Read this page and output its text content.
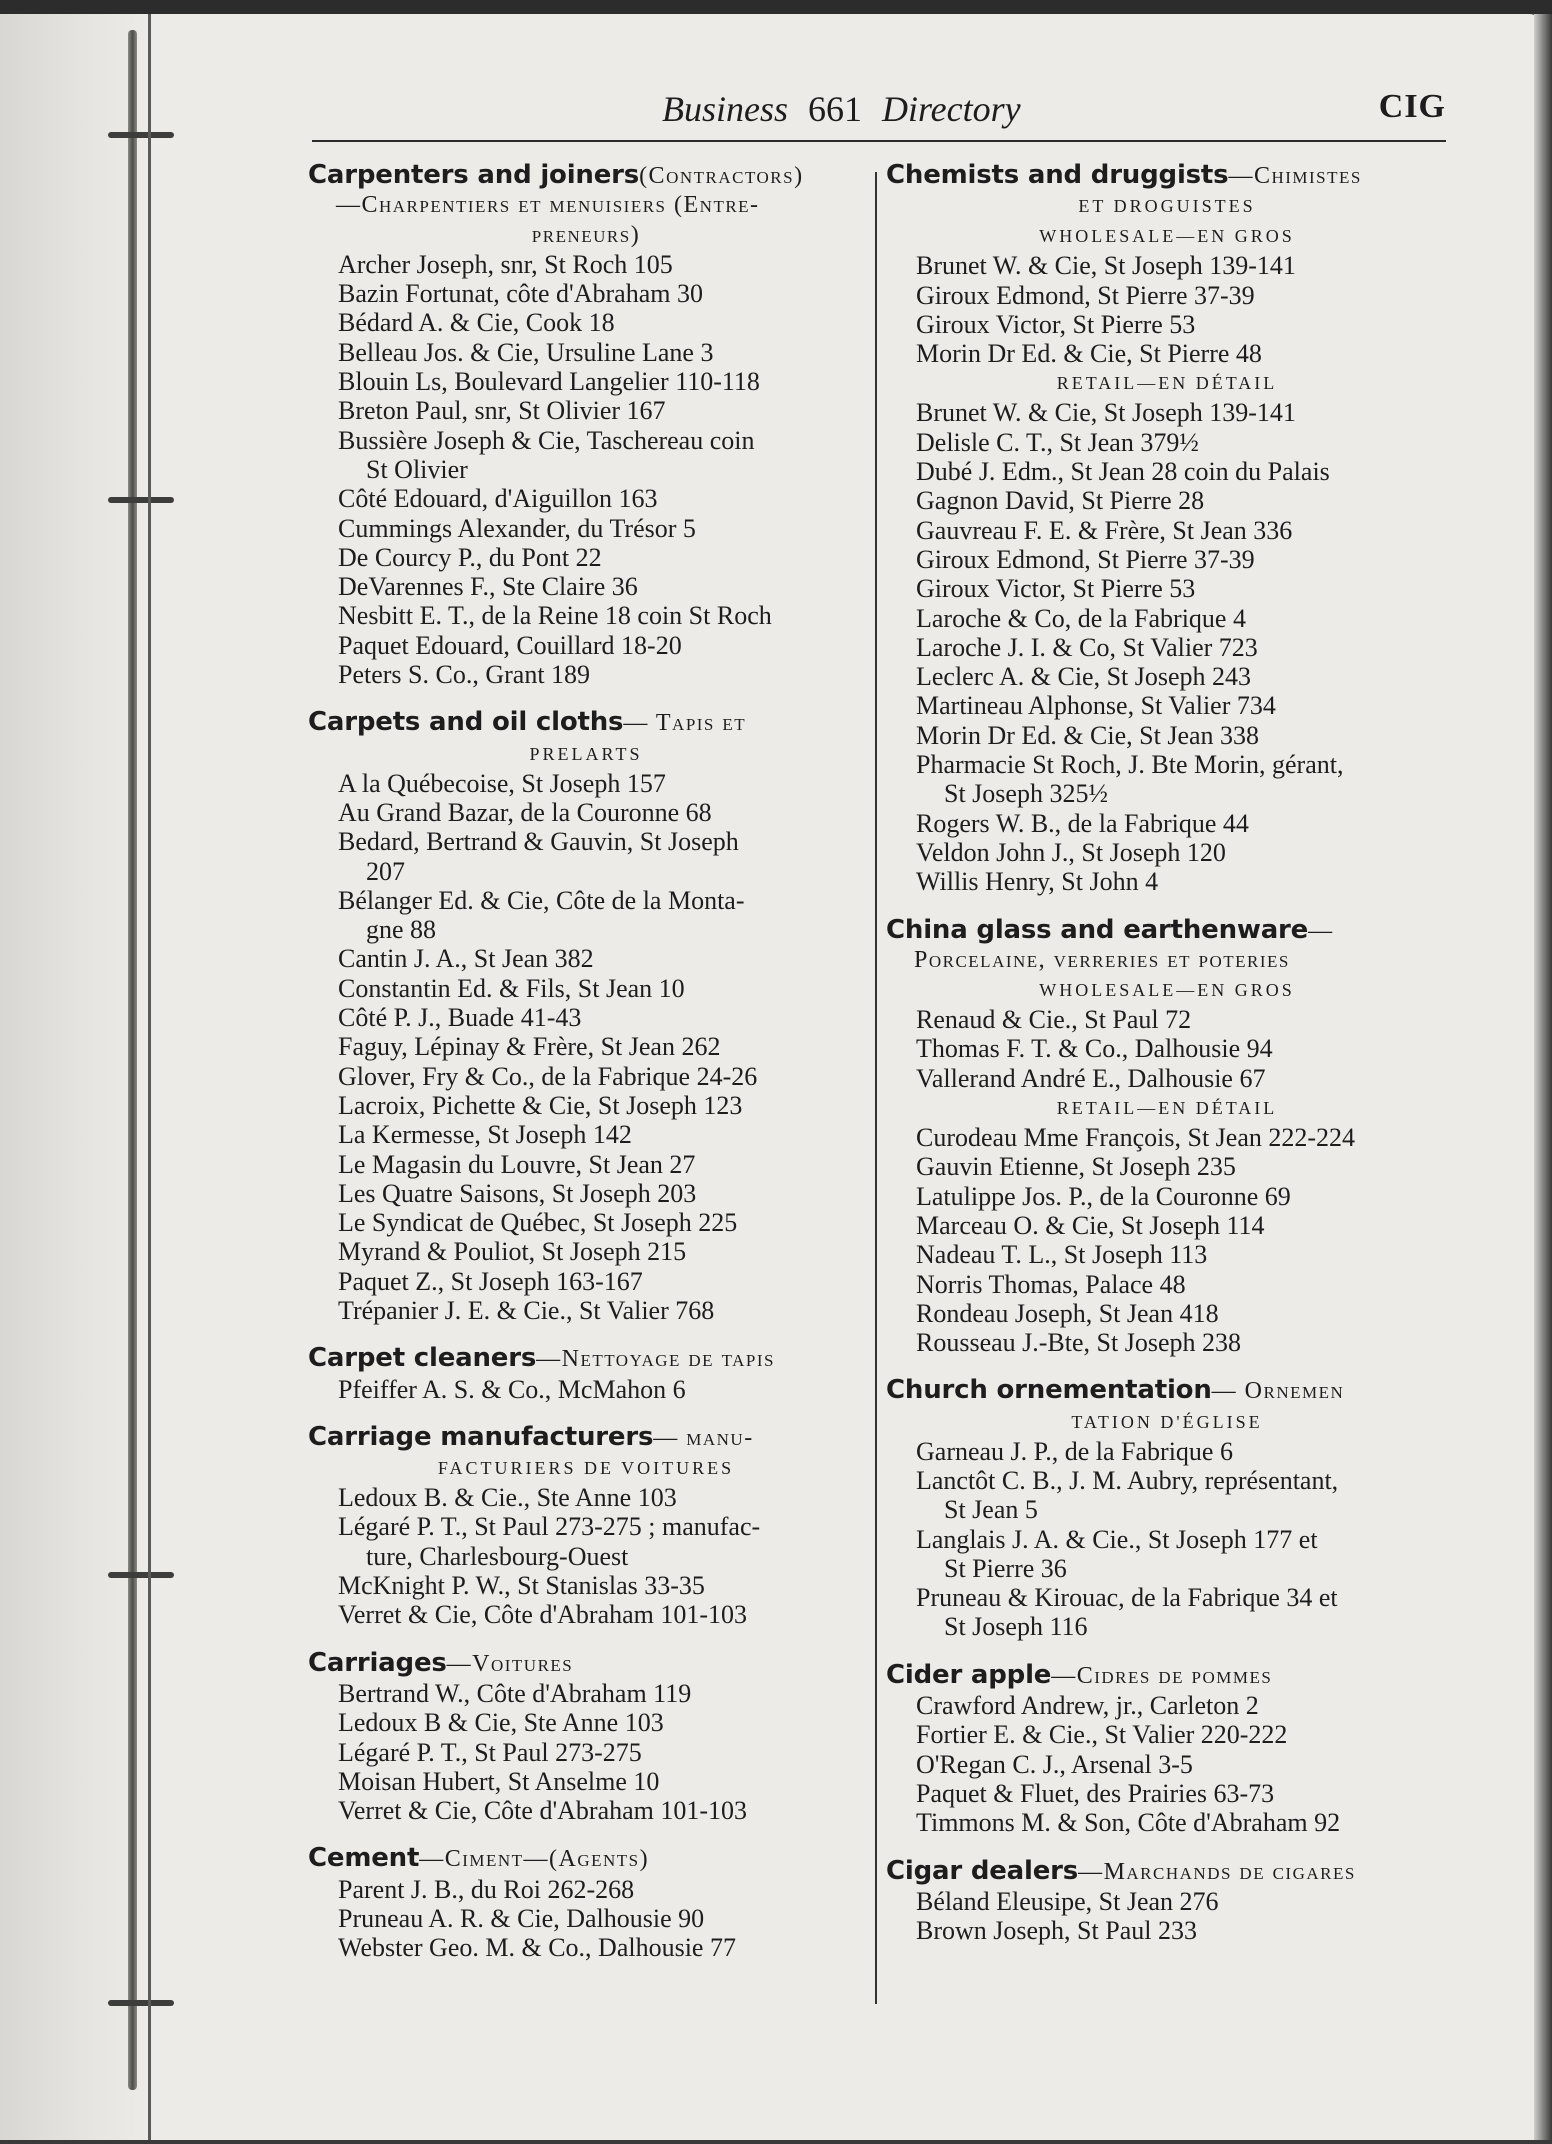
Business 661 Directory	CIG
Carpenters and joiners(Contractors)
—Charpentiers et menuisiers (Entre-
preneurs)
Archer Joseph, snr, St Roch 105
Bazin Fortunat, côte d'Abraham 30
Bédard A. & Cie, Cook 18
Belleau Jos. & Cie, Ursuline Lane 3
Blouin Ls, Boulevard Langelier 110-118
Breton Paul, snr, St Olivier 167
Bussière Joseph & Cie, Taschereau coin
St Olivier
Côté Edouard, d'Aiguillon 163
Cummings Alexander, du Trésor 5
De Courcy P., du Pont 22
DeVarennes F., Ste Claire 36
Nesbitt E. T., de la Reine 18 coin St Roch
Paquet Edouard, Couillard 18-20
Peters S. Co., Grant 189
Carpets and oil cloths— Tapis et
PRELARTS
A la Québecoise, St Joseph 157
Au Grand Bazar, de la Couronne 68
Bedard, Bertrand & Gauvin, St Joseph
207
Bélanger Ed. & Cie, Côte de la Monta-
gne 88
Cantin J. A., St Jean 382
Constantin Ed. & Fils, St Jean 10
Côté P. J., Buade 41-43
Faguy, Lépinay & Frère, St Jean 262
Glover, Fry & Co., de la Fabrique 24-26
Lacroix, Pichette & Cie, St Joseph 123
La Kermesse, St Joseph 142
Le Magasin du Louvre, St Jean 27
Les Quatre Saisons, St Joseph 203
Le Syndicat de Québec, St Joseph 225
Myrand & Pouliot, St Joseph 215
Paquet Z., St Joseph 163-167
Trépanier J. E. & Cie., St Valier 768
Carpet cleaners—Nettoyage de tapis
Pfeiffer A. S. & Co., McMahon 6
Carriage manufacturers— manu-
FACTURIERS DE VOITURES
Ledoux B. & Cie., Ste Anne 103
Légaré P. T., St Paul 273-275 ; manufac-
ture, Charlesbourg-Ouest
McKnight P. W., St Stanislas 33-35
Verret & Cie, Côte d'Abraham 101-103
Carriages—Voitures
Bertrand W., Côte d'Abraham 119
Ledoux B & Cie, Ste Anne 103
Légaré P. T., St Paul 273-275
Moisan Hubert, St Anselme 10
Verret & Cie, Côte d'Abraham 101-103
Cement—Ciment—(Agents)
Parent J. B., du Roi 262-268
Pruneau A. R. & Cie, Dalhousie 90
Webster Geo. M. & Co., Dalhousie 77
Chemists and druggists—Chimistes
ET DROGUISTES
WHOLESALE—EN GROS
Brunet W. & Cie, St Joseph 139-141
Giroux Edmond, St Pierre 37-39
Giroux Victor, St Pierre 53
Morin Dr Ed. & Cie, St Pierre 48
RETAIL—EN DÉTAIL
Brunet W. & Cie, St Joseph 139-141
Delisle C. T., St Jean 379½
Dubé J. Edm., St Jean 28 coin du Palais
Gagnon David, St Pierre 28
Gauvreau F. E. & Frère, St Jean 336
Giroux Edmond, St Pierre 37-39
Giroux Victor, St Pierre 53
Laroche & Co, de la Fabrique 4
Laroche J. I. & Co, St Valier 723
Leclerc A. & Cie, St Joseph 243
Martineau Alphonse, St Valier 734
Morin Dr Ed. & Cie, St Jean 338
Pharmacie St Roch, J. Bte Morin, gérant,
St Joseph 325½
Rogers W. B., de la Fabrique 44
Veldon John J., St Joseph 120
Willis Henry, St John 4
China glass and earthenware—
Porcelaine, verreries et poteries
WHOLESALE—EN GROS
Renaud & Cie., St Paul 72
Thomas F. T. & Co., Dalhousie 94
Vallerand André E., Dalhousie 67
RETAIL—EN DÉTAIL
Curodeau Mme François, St Jean 222-224
Gauvin Etienne, St Joseph 235
Latulippe Jos. P., de la Couronne 69
Marceau O. & Cie, St Joseph 114
Nadeau T. L., St Joseph 113
Norris Thomas, Palace 48
Rondeau Joseph, St Jean 418
Rousseau J.-Bte, St Joseph 238
Church ornementation— Ornemen
TATION D'ÉGLISE
Garneau J. P., de la Fabrique 6
Lanctôt C. B., J. M. Aubry, représentant,
St Jean 5
Langlais J. A. & Cie., St Joseph 177 et
St Pierre 36
Pruneau & Kirouac, de la Fabrique 34 et
St Joseph 116
Cider apple—Cidres de pommes
Crawford Andrew, jr., Carleton 2
Fortier E. & Cie., St Valier 220-222
O'Regan C. J., Arsenal 3-5
Paquet & Fluet, des Prairies 63-73
Timmons M. & Son, Côte d'Abraham 92
Cigar dealers—Marchands de cigares
Béland Eleusipe, St Jean 276
Brown Joseph, St Paul 233
